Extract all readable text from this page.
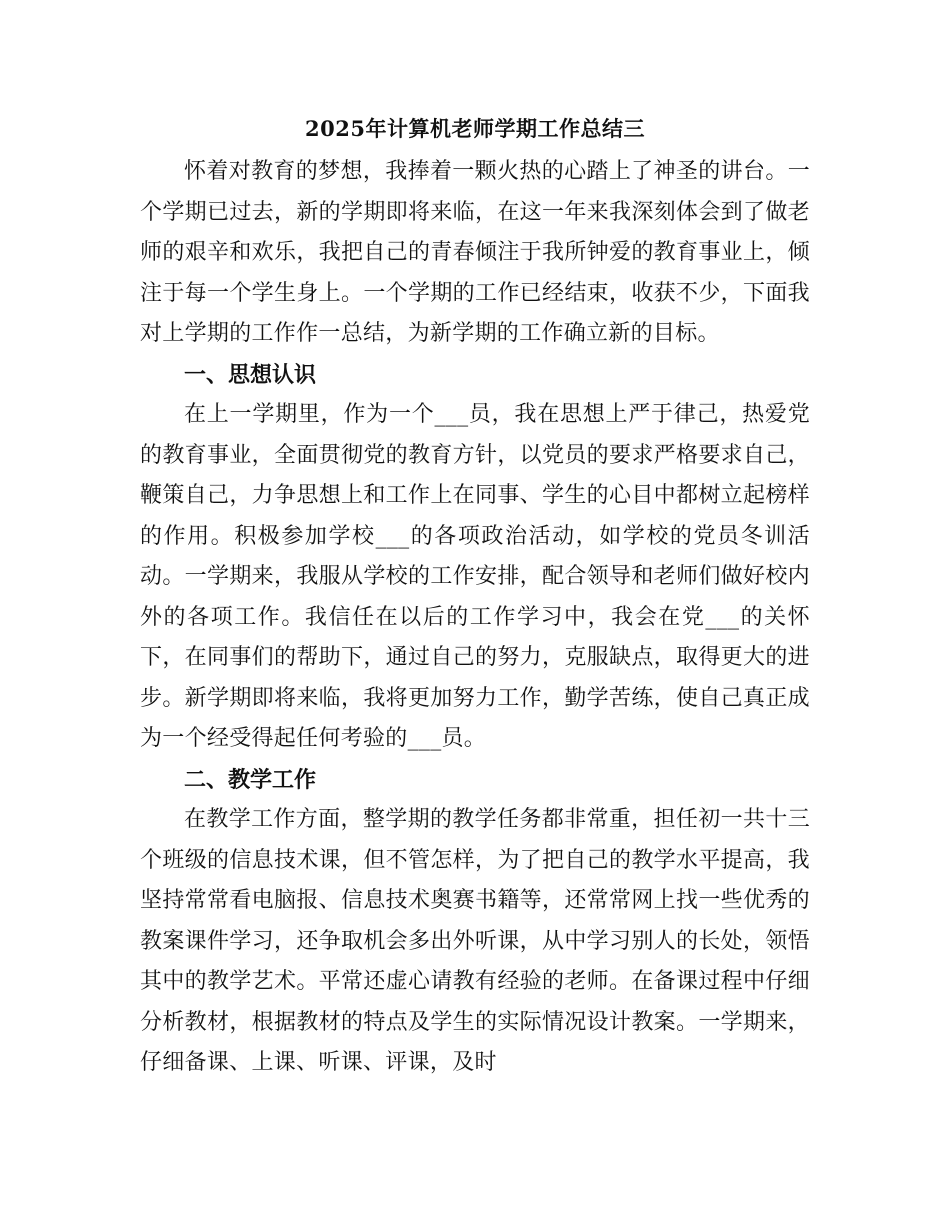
2025年计算机老师学期工作总结三

怀着对教育的梦想，我捧着一颗火热的心踏上了神圣的讲台。一个学期已过去，新的学期即将来临，在这一年来我深刻体会到了做老师的艰辛和欢乐，我把自己的青春倾注于我所钟爱的教育事业上，倾注于每一个学生身上。一个学期的工作已经结束，收获不少，下面我对上学期的工作作一总结，为新学期的工作确立新的目标。

一、思想认识

在上一学期里，作为一个___员，我在思想上严于律己，热爱党的教育事业，全面贯彻党的教育方针，以党员的要求严格要求自己，鞭策自己，力争思想上和工作上在同事、学生的心目中都树立起榜样的作用。积极参加学校___的各项政治活动，如学校的党员冬训活动。一学期来，我服从学校的工作安排，配合领导和老师们做好校内外的各项工作。我信任在以后的工作学习中，我会在党___的关怀下，在同事们的帮助下，通过自己的努力，克服缺点，取得更大的进步。新学期即将来临，我将更加努力工作，勤学苦练，使自己真正成为一个经受得起任何考验的___员。

二、教学工作

在教学工作方面，整学期的教学任务都非常重，担任初一共十三个班级的信息技术课，但不管怎样，为了把自己的教学水平提高，我坚持常常看电脑报、信息技术奥赛书籍等，还常常网上找一些优秀的教案课件学习，还争取机会多出外听课，从中学习别人的长处，领悟其中的教学艺术。平常还虚心请教有经验的老师。在备课过程中仔细分析教材，根据教材的特点及学生的实际情况设计教案。一学期来，仔细备课、上课、听课、评课，及时
